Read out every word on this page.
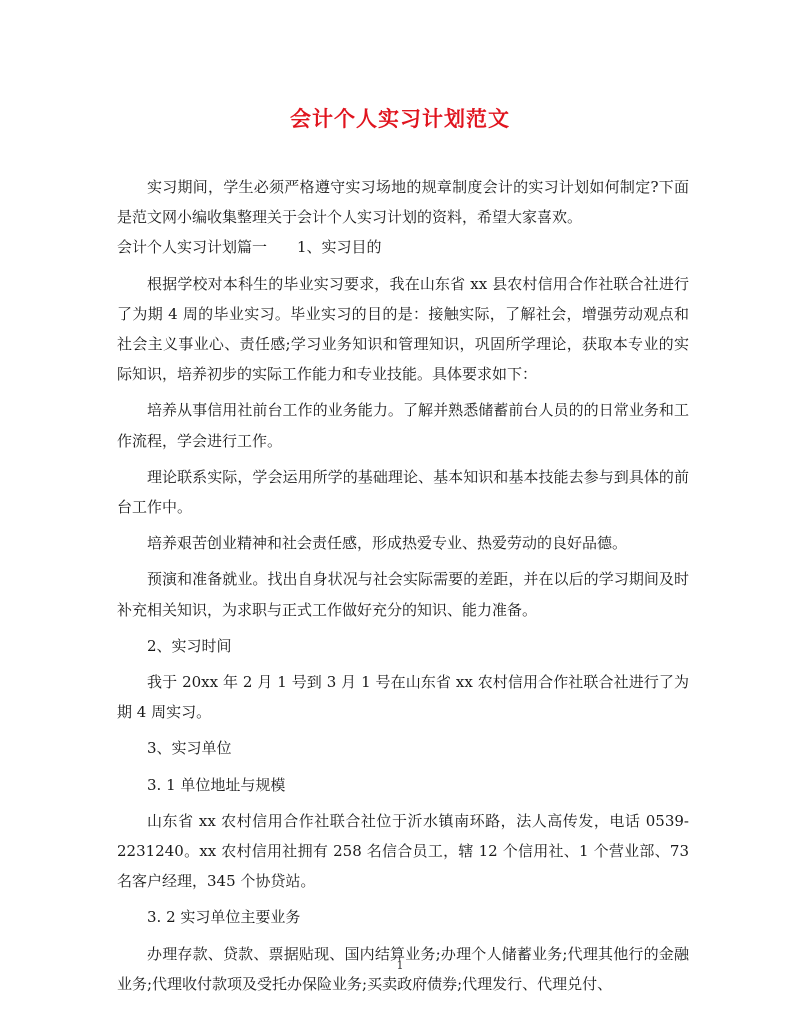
会计个人实习计划范文

实习期间，学生必须严格遵守实习场地的规章制度会计的实习计划如何制定?下面是范文网小编收集整理关于会计个人实习计划的资料，希望大家喜欢。

会计个人实习计划篇一　　1、实习目的

根据学校对本科生的毕业实习要求，我在山东省 xx 县农村信用合作社联合社进行了为期 4 周的毕业实习。毕业实习的目的是：接触实际，了解社会，增强劳动观点和社会主义事业心、责任感;学习业务知识和管理知识，巩固所学理论，获取本专业的实际知识，培养初步的实际工作能力和专业技能。具体要求如下：

培养从事信用社前台工作的业务能力。了解并熟悉储蓄前台人员的的日常业务和工作流程，学会进行工作。

理论联系实际，学会运用所学的基础理论、基本知识和基本技能去参与到具体的前台工作中。

培养艰苦创业精神和社会责任感，形成热爱专业、热爱劳动的良好品德。

预演和准备就业。找出自身状况与社会实际需要的差距，并在以后的学习期间及时补充相关知识，为求职与正式工作做好充分的知识、能力准备。

2、实习时间

我于 20xx 年 2 月 1 号到 3 月 1 号在山东省 xx 农村信用合作社联合社进行了为期 4 周实习。

3、实习单位

3. 1 单位地址与规模

山东省 xx 农村信用合作社联合社位于沂水镇南环路，法人高传发，电话 0539-2231240。xx 农村信用社拥有 258 名信合员工，辖 12 个信用社、1 个营业部、73 名客户经理，345 个协贷站。

3. 2 实习单位主要业务

办理存款、贷款、票据贴现、国内结算业务;办理个人储蓄业务;代理其他行的金融业务;代理收付款项及受托办保险业务;买卖政府债券;代理发行、代理兑付、

1
